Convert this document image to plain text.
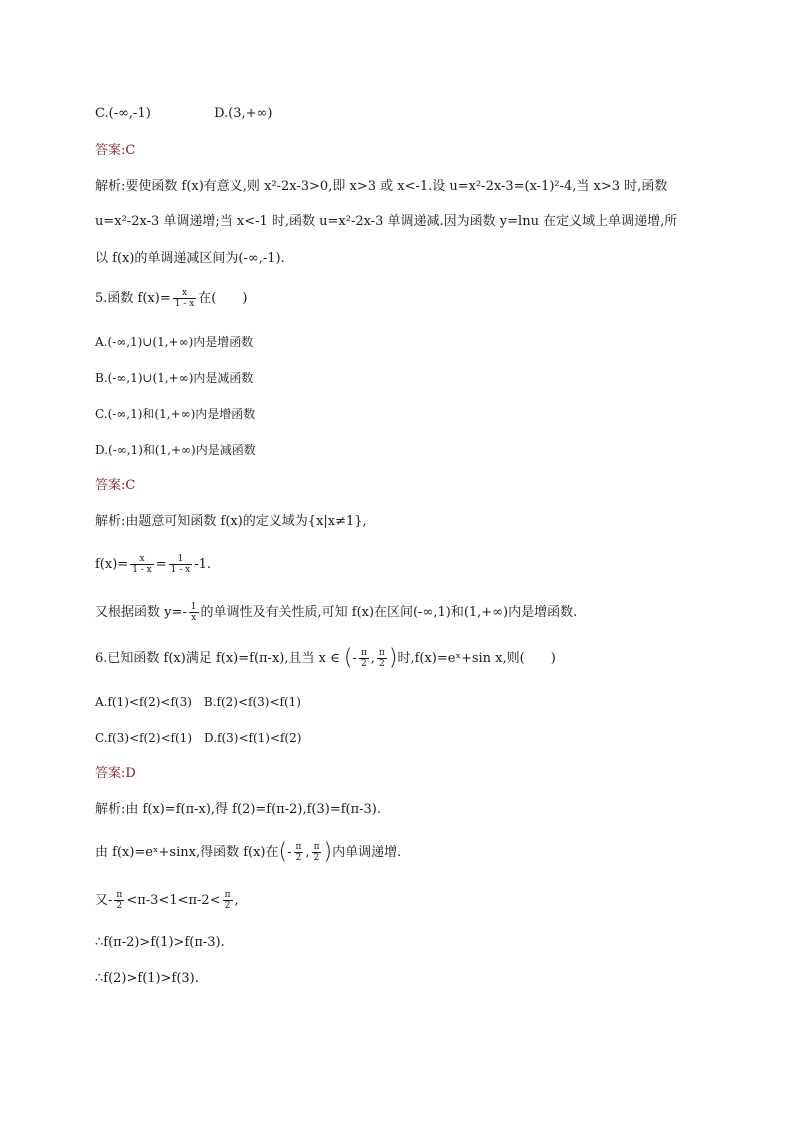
C.(-∞,-1)	D.(3,+∞)
答案:C
解析:要使函数 f(x)有意义,则 x²-2x-3>0,即 x>3 或 x<-1.设 u=x²-2x-3=(x-1)²-4,当 x>3 时,函数
u=x²-2x-3 单调递增;当 x<-1 时,函数 u=x²-2x-3 单调递减.因为函数 y=lnu 在定义域上单调递增,所
以 f(x)的单调递减区间为(-∞,-1).
5.函数 $f(x)= \frac{x}{1 - x}$ 在(　　)
A.(-∞,1)∪(1,+∞)内是增函数
B.(-∞,1)∪(1,+∞)内是减函数
C.(-∞,1)和(1,+∞)内是增函数
D.(-∞,1)和(1,+∞)内是减函数
答案:C
解析:由题意可知函数 f(x)的定义域为{x|x≠1},
$f(x)= \frac{x}{1 - x} = \frac{1}{1 - x} -1$.
又根据函数 $y=- \frac{1}{x}$ 的单调性及有关性质,可知 f(x)在区间(-∞,1)和(1,+∞)内是增函数.
6.已知函数 f(x)满足 f(x)=f(π-x),且当 x ∈ (- $\frac{\pi}{2}$ , $\frac{\pi}{2}$ )时,f(x)=eˣ+sin x,则(　　)
A.f(1)<f(2)<f(3)　B.f(2)<f(3)<f(1)
C.f(3)<f(2)<f(1)　D.f(3)<f(1)<f(2)
答案:D
解析:由 f(x)=f(π-x),得 f(2)=f(π-2),f(3)=f(π-3).
由 f(x)=eˣ+sinx,得函数 f(x)在(- $\frac{\pi}{2}$ , $\frac{\pi}{2}$ )内单调递增.
又- $\frac{\pi}{2} <\pi-3<1<\pi-2< \frac{\pi}{2}$ ,
∴f(π-2)>f(1)>f(π-3).
∴f(2)>f(1)>f(3).
